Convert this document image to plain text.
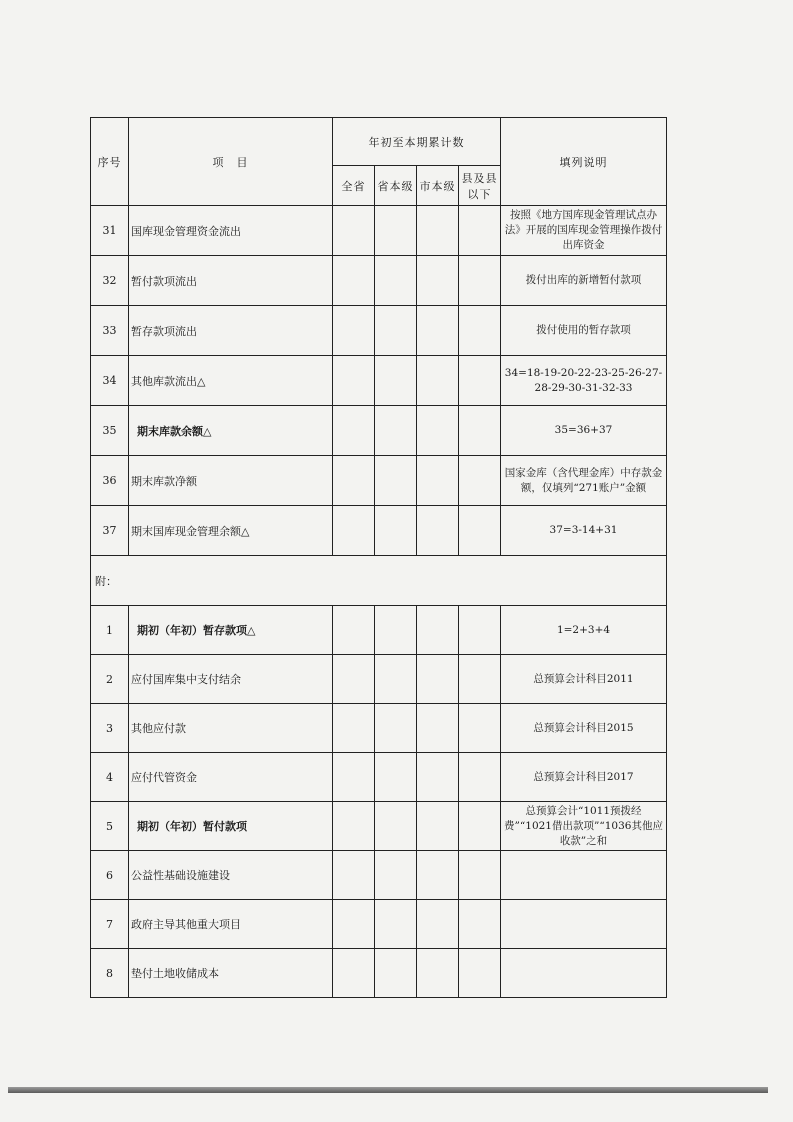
序号	项　目	年初至本期累计数				填列说明
		全省	省本级	市本级	县及县以下	
31	国库现金管理资金流出					按照《地方国库现金管理试点办法》开展的国库现金管理操作拨付出库资金
32	暂付款项流出					拨付出库的新增暂付款项
33	暂存款项流出					拨付使用的暂存款项
34	其他库款流出△					34=18-19-20-22-23-25-26-27-28-29-30-31-32-33
35	期末库款余额△					35=36+37
36	期末库款净额					国家金库（含代理金库）中存款金额，仅填列“271账户”金额
37	期末国库现金管理余额△					37=3-14+31
附：						
1	期初（年初）暂存款项△					1=2+3+4
2	应付国库集中支付结余					总预算会计科目2011
3	其他应付款					总预算会计科目2015
4	应付代管资金					总预算会计科目2017
5	期初（年初）暂付款项					总预算会计“1011预拨经费”“1021借出款项”“1036其他应收款”之和
6	公益性基础设施建设					
7	政府主导其他重大项目					
8	垫付土地收储成本					
